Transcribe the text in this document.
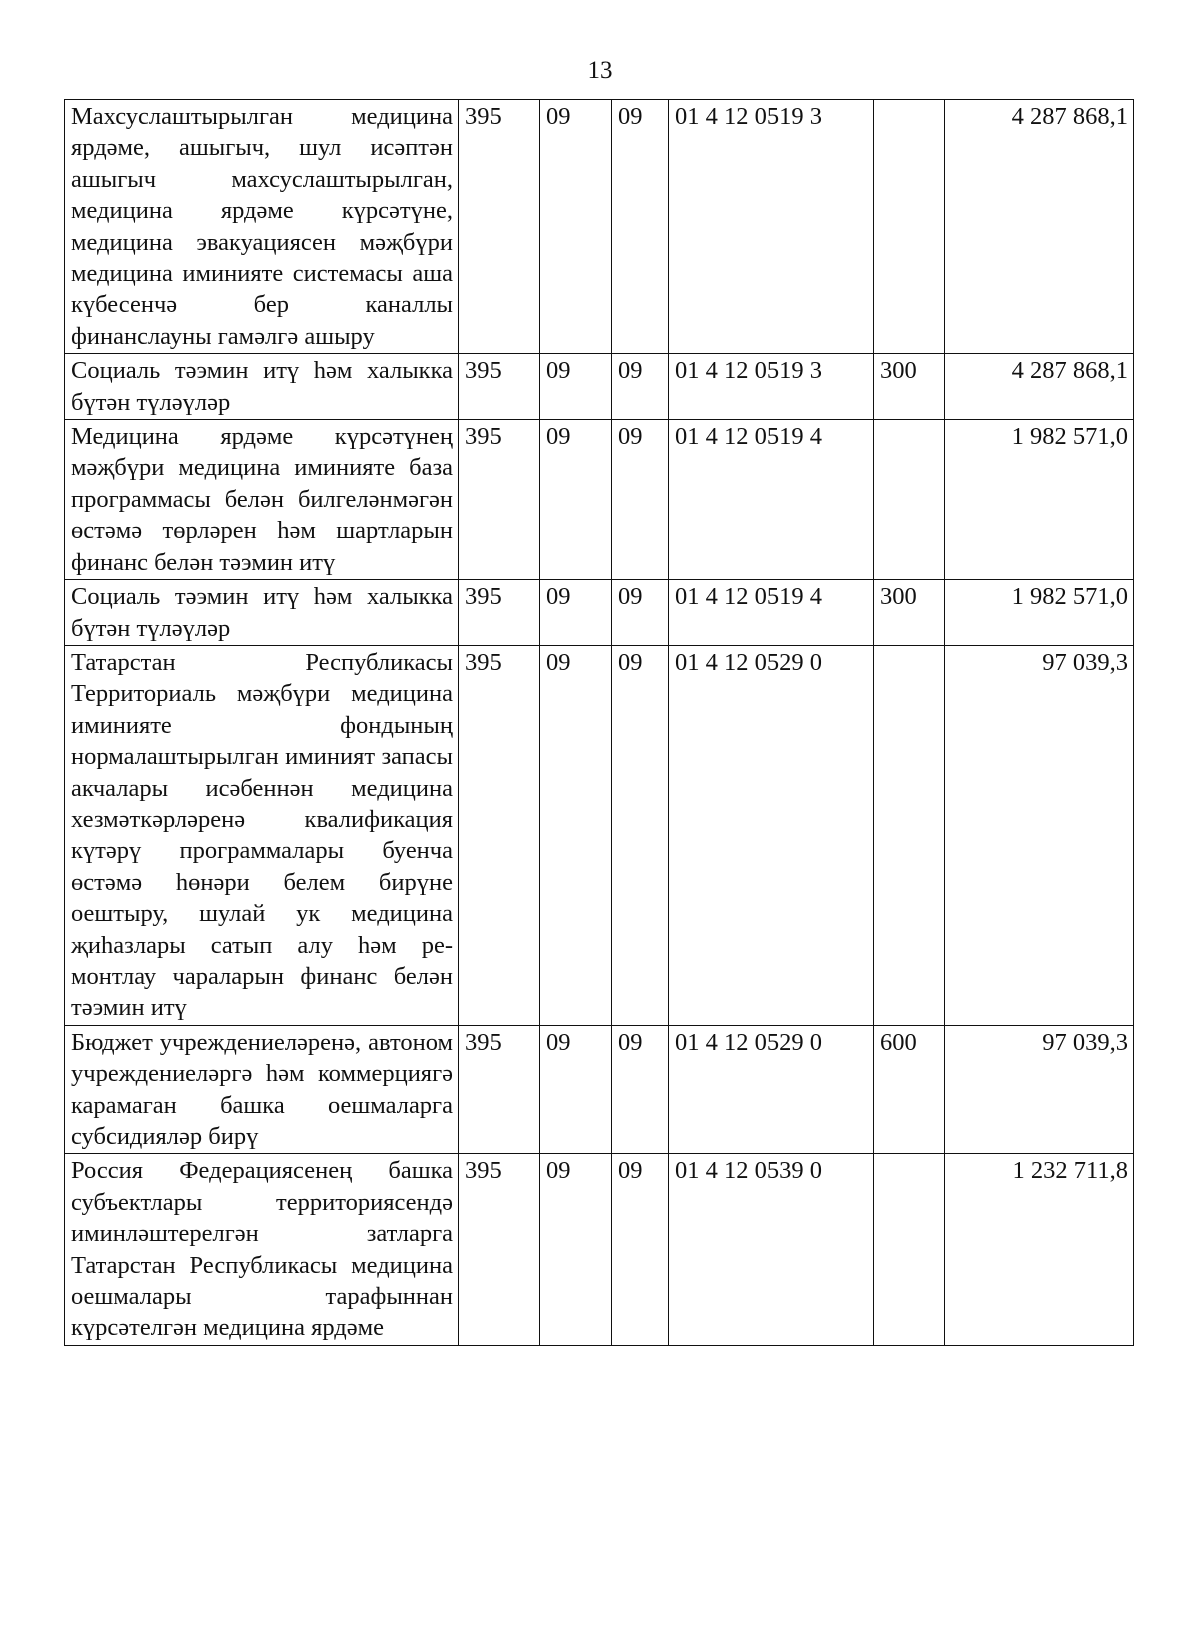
13
Махсуслаштырылган медицина ярдәме, ашыгыч, шул исәптән ашыгыч махсуслаштырылган, медицина ярдәме күрсәтүне, медицина эвакуациясен мәҗбүри медицина иминияте системасы аша күбесенчә бер каналлы финанслауны гамәлгә ашыру	395	09	09	01 4 12 0519 3		4 287 868,1
Социаль тәэмин итү һәм халыкка бүтән түләүләр	395	09	09	01 4 12 0519 3	300	4 287 868,1
Медицина ярдәме күрсәтүнең мәҗбүри медицина иминияте база программасы белән билгеләнмәгән өстәмә төрләрен һәм шартларын финанс белән тәэмин итү	395	09	09	01 4 12 0519 4		1 982 571,0
Социаль тәэмин итү һәм халыкка бүтән түләүләр	395	09	09	01 4 12 0519 4	300	1 982 571,0
Татарстан Республикасы Территориаль мәҗбүри медицина иминияте фондының нормалаштырылган иминият запасы акчалары исәбеннән медицина хезмәткәрләренә квалификация күтәрү программалары буенча өстәмә һөнәри белем бирүне оештыру, шулай ук медицина җиһазлары сатып алу һәм ремонтлау чараларын финанс белән тәэмин итү	395	09	09	01 4 12 0529 0		97 039,3
Бюджет учреждениеләренә, автоном учреждениеләргә һәм коммерциягә карамаган башка оешмаларга субсидияләр бирү	395	09	09	01 4 12 0529 0	600	97 039,3
Россия Федерациясенең башка субъектлары территориясендә иминләштерелгән затларга Татарстан Республикасы медицина оешмалары тарафыннан күрсәтелгән медицина ярдәме	395	09	09	01 4 12 0539 0		1 232 711,8
